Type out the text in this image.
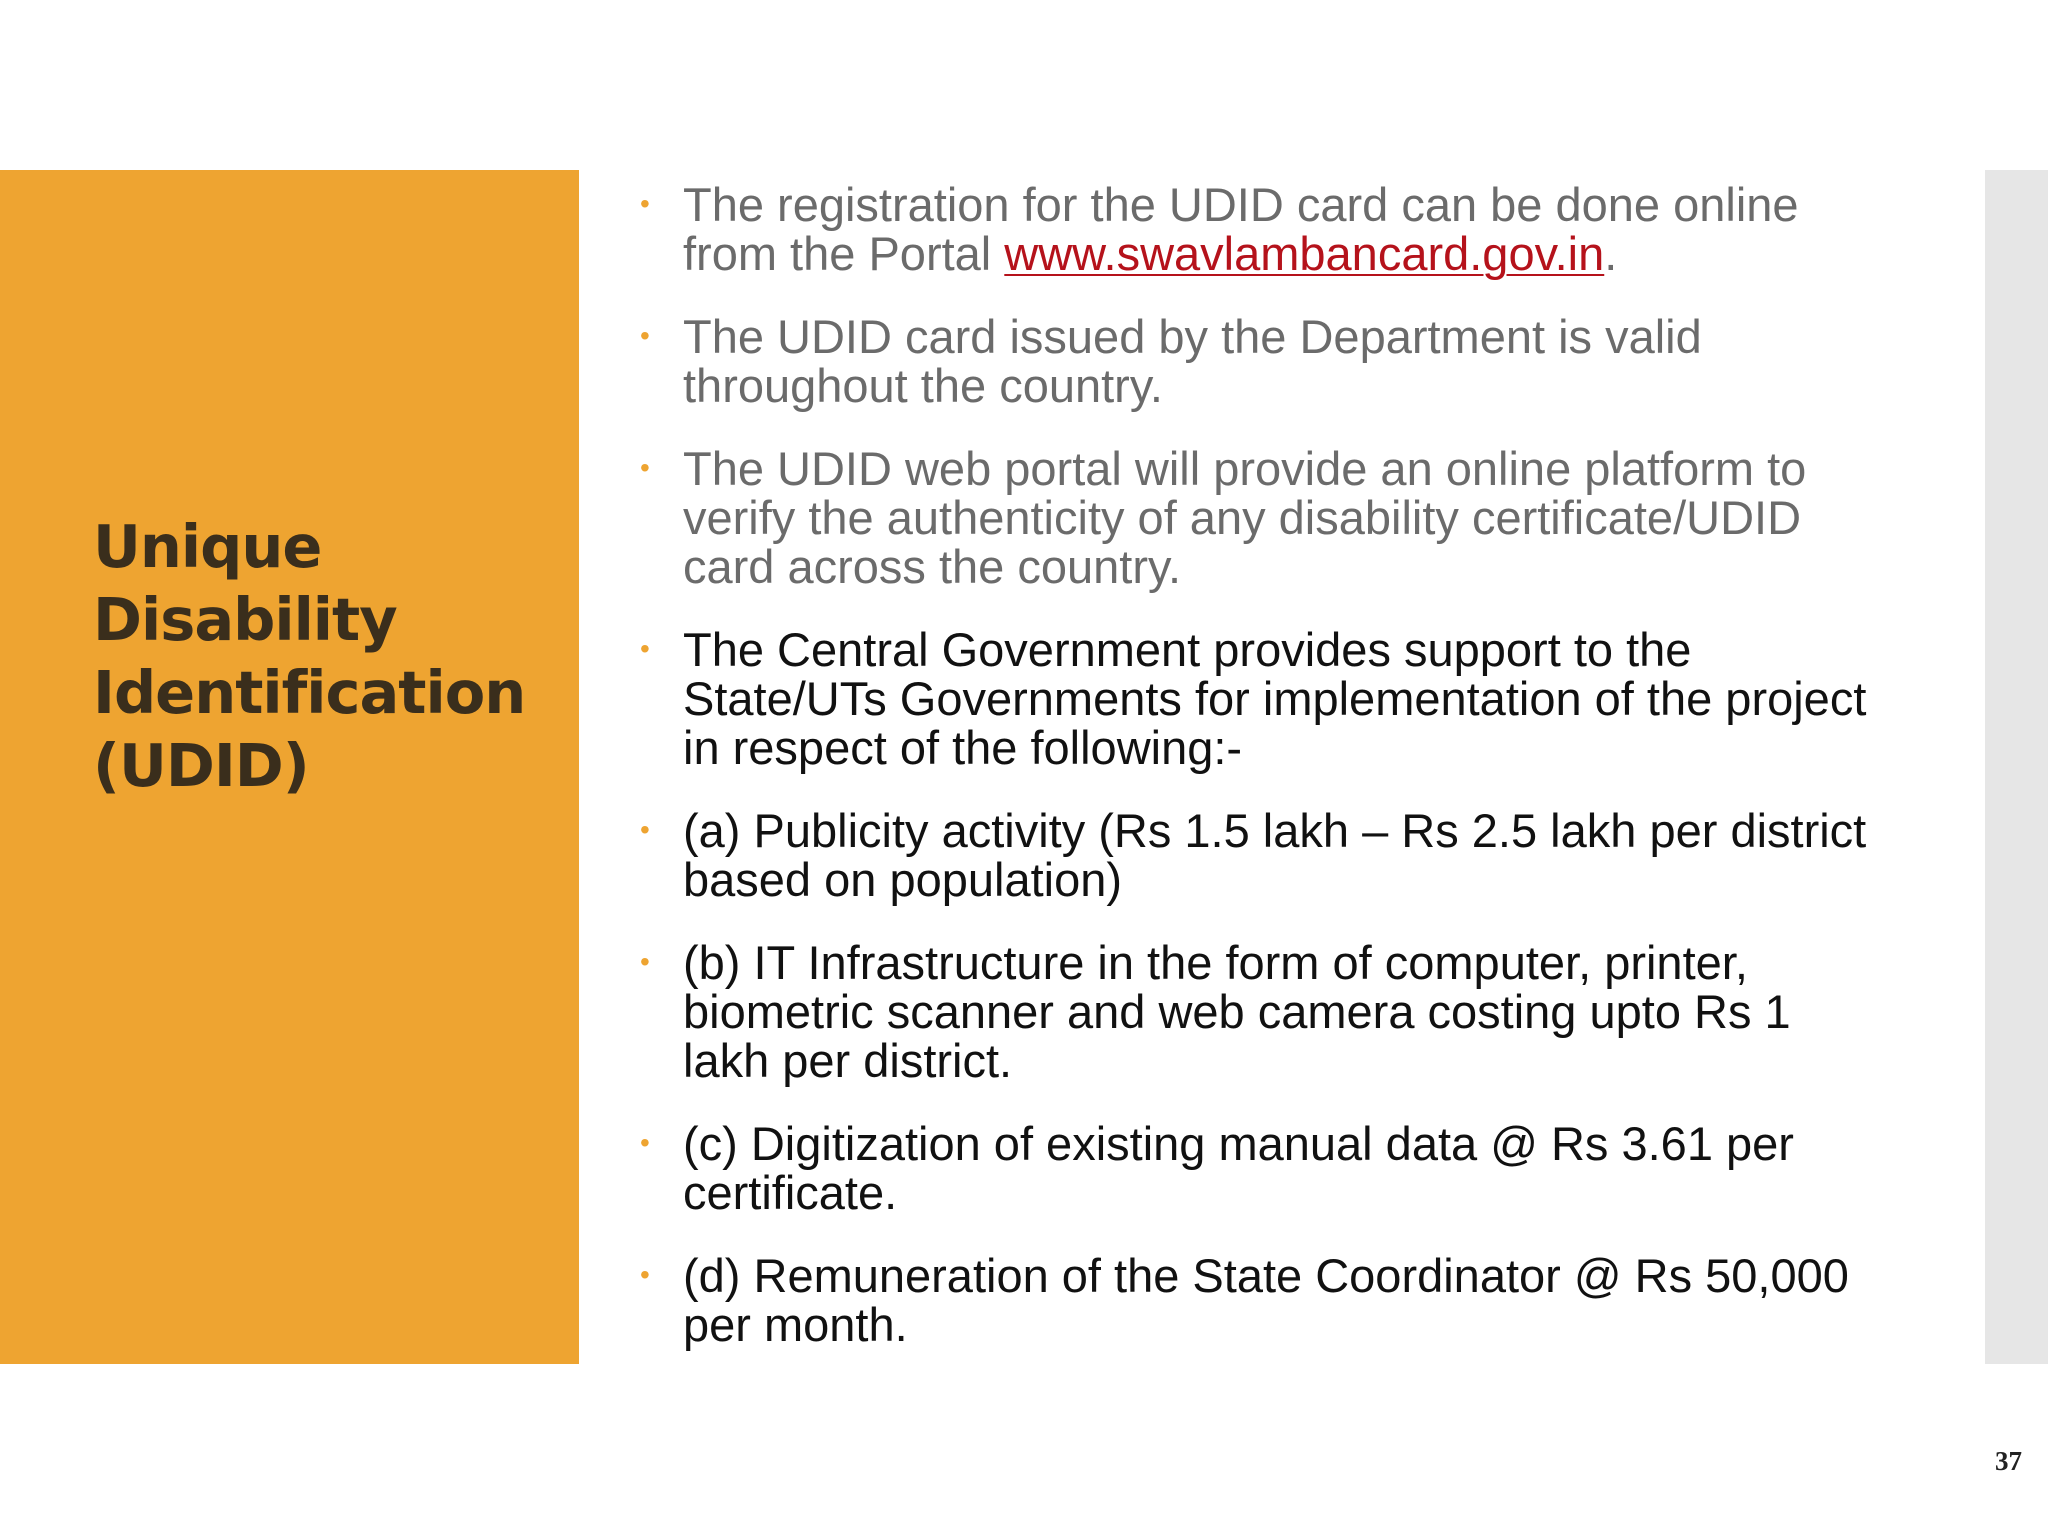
Unique
Disability
Identification
(UDID)
• The registration for the UDID card can be done online from the Portal www.swavlambancard.gov.in.
• The UDID card issued by the Department is valid throughout the country.
• The UDID web portal will provide an online platform to verify the authenticity of any disability certificate/UDID card across the country.
• The Central Government provides support to the State/UTs Governments for implementation of the project in respect of the following:-
• (a) Publicity activity (Rs 1.5 lakh – Rs 2.5 lakh per district based on population)
• (b) IT Infrastructure in the form of computer, printer, biometric scanner and web camera costing upto Rs 1 lakh per district.
• (c) Digitization of existing manual data @ Rs 3.61 per certificate.
• (d) Remuneration of the State Coordinator @ Rs 50,000 per month.
37
